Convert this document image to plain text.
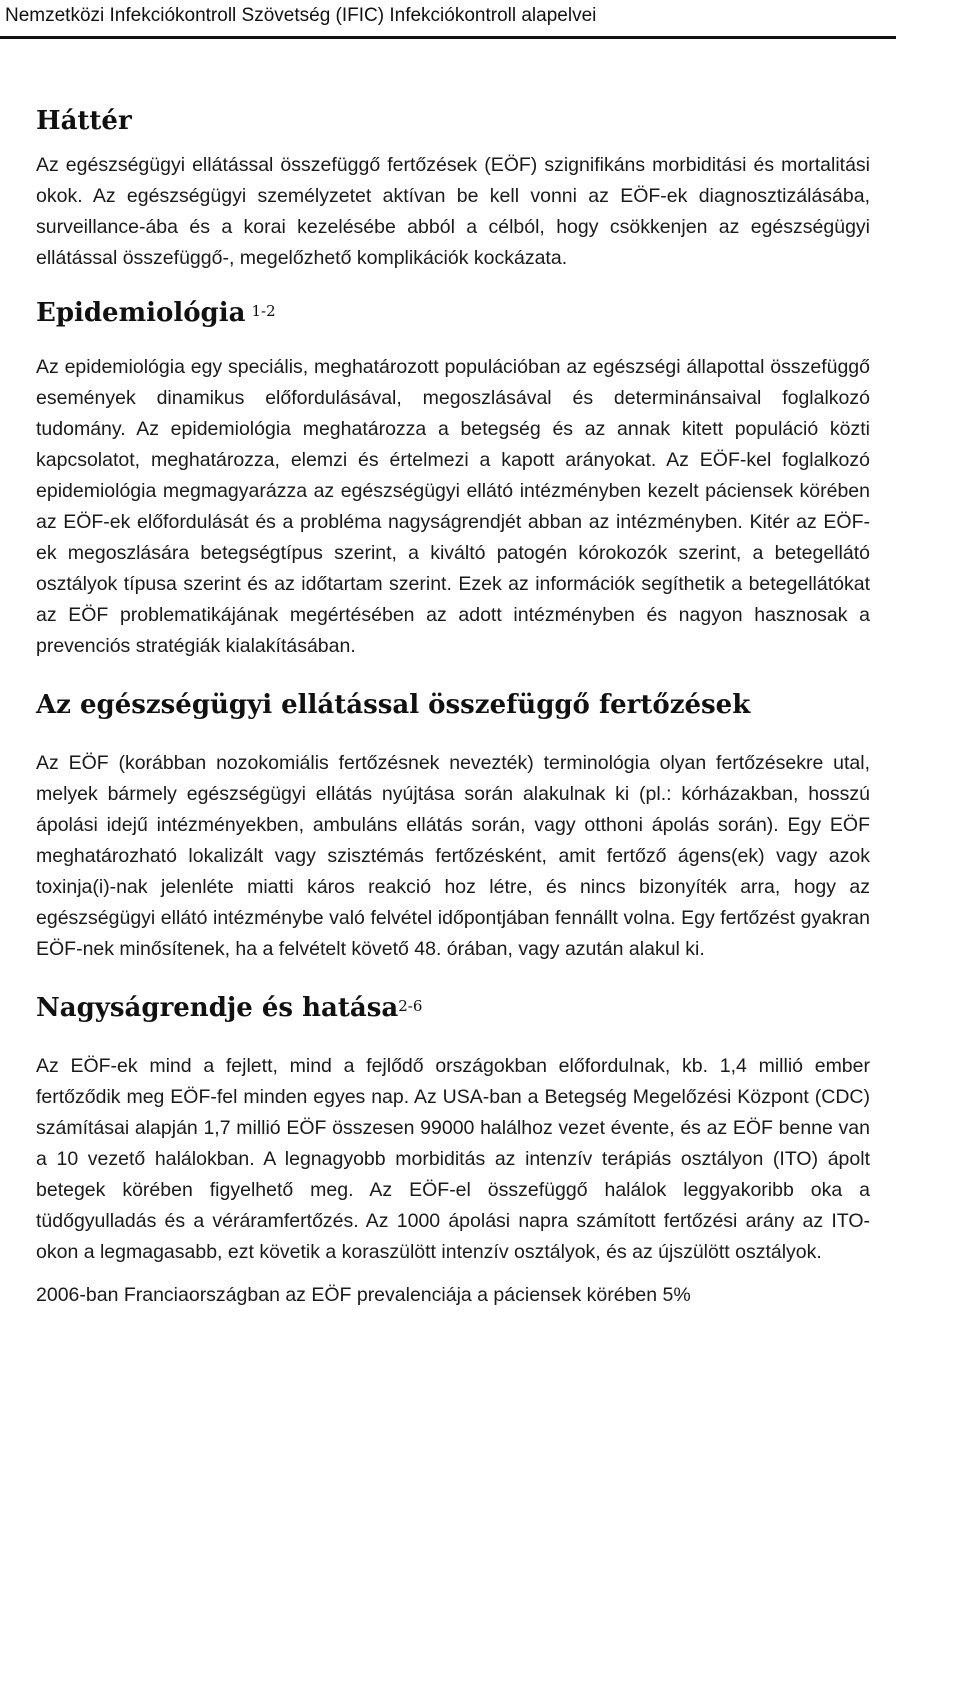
Nemzetközi Infekciókontroll Szövetség (IFIC) Infekciókontroll alapelvei
Háttér

Az egészségügyi ellátással összefüggő fertőzések (EÖF) szignifikáns morbiditási és mortalitási okok. Az egészségügyi személyzetet aktívan be kell vonni az EÖF-ek diagnosztizálásába, surveillance-ába és a korai kezelésébe abból a célból, hogy csökkenjen az egészségügyi ellátással összefüggő-, megelőzhető komplikációk kockázata.

Epidemiológia $^{1-2}$

Az epidemiológia egy speciális, meghatározott populációban az egészségi állapottal összefüggő események dinamikus előfordulásával, megoszlásával és determinánsaival foglalkozó tudomány. Az epidemiológia meghatározza a betegség és az annak kitett populáció közti kapcsolatot, meghatározza, elemzi és értelmezi a kapott arányokat. Az EÖF-kel foglalkozó epidemiológia megmagyarázza az egészségügyi ellátó intézményben kezelt páciensek körében az EÖF-ek előfordulását és a probléma nagyságrendjét abban az intézményben. Kitér az EÖF-ek megoszlására betegségtípus szerint, a kiváltó patogén kórokozók szerint, a betegellátó osztályok típusa szerint és az időtartam szerint. Ezek az információk segíthetik a betegellátókat az EÖF problematikájának megértésében az adott intézményben és nagyon hasznosak a prevenciós stratégiák kialakításában.

Az egészségügyi ellátással összefüggő fertőzések

Az EÖF (korábban nozokomiális fertőzésnek nevezték) terminológia olyan fertőzésekre utal, melyek bármely egészségügyi ellátás nyújtása során alakulnak ki (pl.: kórházakban, hosszú ápolási idejű intézményekben, ambuláns ellátás során, vagy otthoni ápolás során). Egy EÖF meghatározható lokalizált vagy szisztémás fertőzésként, amit fertőző ágens(ek) vagy azok toxinja(i)-nak jelenléte miatti káros reakció hoz létre, és nincs bizonyíték arra, hogy az egészségügyi ellátó intézménybe való felvétel időpontjában fennállt volna. Egy fertőzést gyakran EÖF-nek minősítenek, ha a felvételt követő 48. órában, vagy azután alakul ki.

Nagyságrendje és hatása$^{2-6}$

Az EÖF-ek mind a fejlett, mind a fejlődő országokban előfordulnak, kb. 1,4 millió ember fertőződik meg EÖF-fel minden egyes nap. Az USA-ban a Betegség Megelőzési Központ (CDC) számításai alapján 1,7 millió EÖF összesen 99000 halálhoz vezet évente, és az EÖF benne van a 10 vezető halálokban. A legnagyobb morbiditás az intenzív terápiás osztályon (ITO) ápolt betegek körében figyelhető meg. Az EÖF-el összefüggő halálok leggyakoribb oka a tüdőgyulladás és a véráramfertőzés. Az 1000 ápolási napra számított fertőzési arány az ITO-okon a legmagasabb, ezt követik a koraszülött intenzív osztályok, és az újszülött osztályok.

2006-ban Franciaországban az EÖF prevalenciája a páciensek körében 5%
